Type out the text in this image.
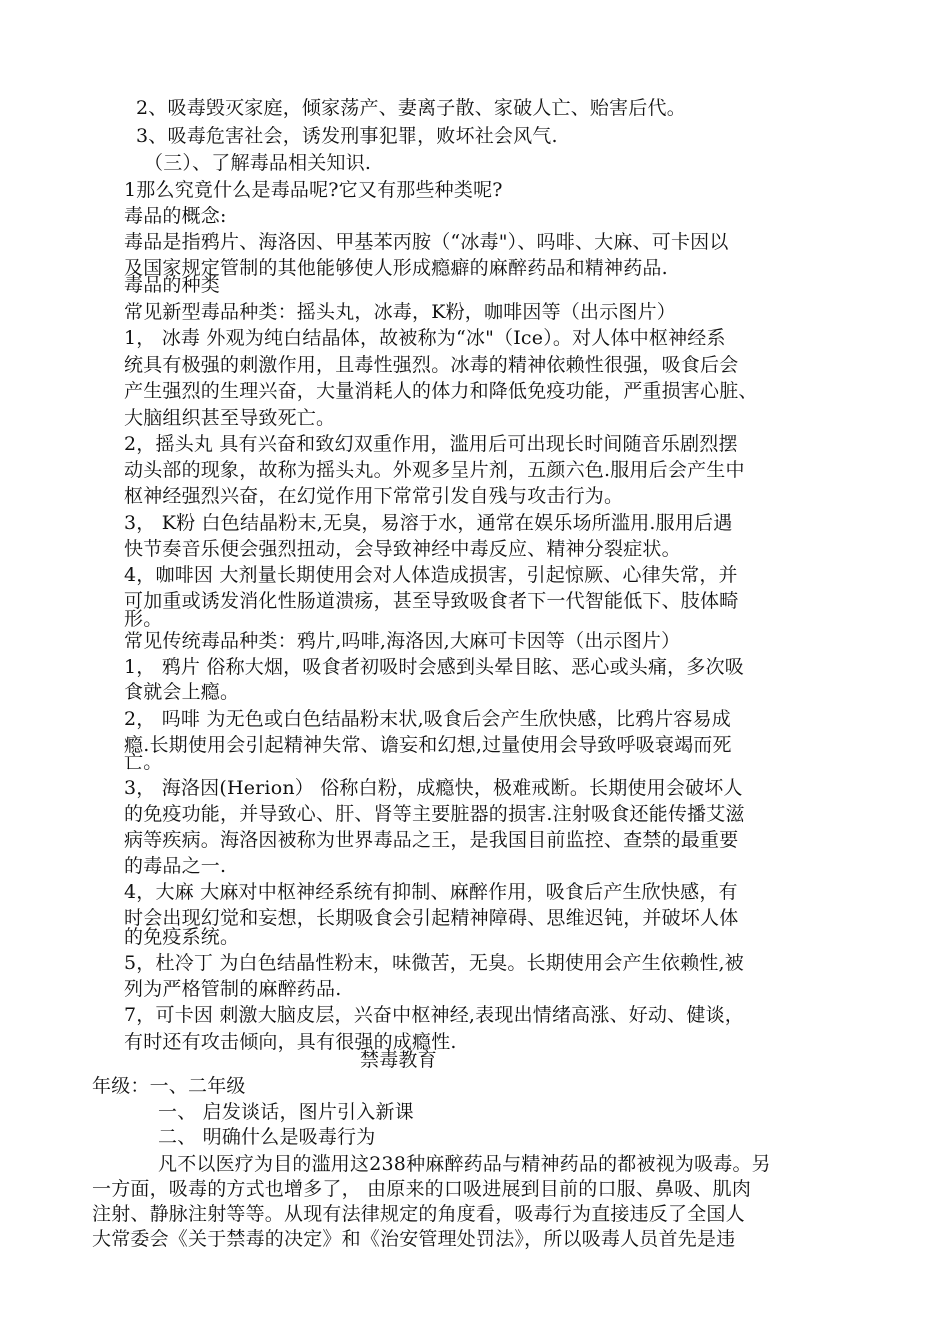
2、吸毒毁灭家庭，倾家荡产、妻离子散、家破人亡、贻害后代。
3、吸毒危害社会，诱发刑事犯罪，败坏社会风气.
（三）、了解毒品相关知识.
1那么究竟什么是毒品呢?它又有那些种类呢?
毒品的概念:
毒品是指鸦片、海洛因、甲基苯丙胺（“冰毒"）、吗啡、大麻、可卡因以
及国家规定管制的其他能够使人形成瘾癖的麻醉药品和精神药品.
毒品的种类
常见新型毒品种类：摇头丸，冰毒，K粉，咖啡因等（出示图片）
1， 冰毒 外观为纯白结晶体，故被称为“冰"（Ice）。对人体中枢神经系
统具有极强的刺激作用，且毒性强烈。冰毒的精神依赖性很强，吸食后会
产生强烈的生理兴奋，大量消耗人的体力和降低免疫功能，严重损害心脏、
大脑组织甚至导致死亡。
2，摇头丸 具有兴奋和致幻双重作用，滥用后可出现长时间随音乐剧烈摆
动头部的现象，故称为摇头丸。外观多呈片剂，五颜六色.服用后会产生中
枢神经强烈兴奋，在幻觉作用下常常引发自残与攻击行为。
3， K粉 白色结晶粉末,无臭，易溶于水，通常在娱乐场所滥用.服用后遇
快节奏音乐便会强烈扭动，会导致神经中毒反应、精神分裂症状。
4，咖啡因 大剂量长期使用会对人体造成损害，引起惊厥、心律失常，并
可加重或诱发消化性肠道溃疡，甚至导致吸食者下一代智能低下、肢体畸
形。
常见传统毒品种类：鸦片,吗啡,海洛因,大麻可卡因等（出示图片）
1， 鸦片 俗称大烟，吸食者初吸时会感到头晕目眩、恶心或头痛，多次吸
食就会上瘾。
2， 吗啡 为无色或白色结晶粉末状,吸食后会产生欣快感，比鸦片容易成
瘾.长期使用会引起精神失常、谵妄和幻想,过量使用会导致呼吸衰竭而死
亡。
3， 海洛因(Herion） 俗称白粉，成瘾快，极难戒断。长期使用会破坏人
的免疫功能，并导致心、肝、肾等主要脏器的损害.注射吸食还能传播艾滋
病等疾病。海洛因被称为世界毒品之王，是我国目前监控、查禁的最重要
的毒品之一.
4，大麻 大麻对中枢神经系统有抑制、麻醉作用，吸食后产生欣快感，有
时会出现幻觉和妄想，长期吸食会引起精神障碍、思维迟钝，并破坏人体
的免疫系统。
5，杜冷丁 为白色结晶性粉末，味微苦，无臭。长期使用会产生依赖性,被
列为严格管制的麻醉药品.
7，可卡因 刺激大脑皮层，兴奋中枢神经,表现出情绪高涨、好动、健谈，
有时还有攻击倾向，具有很强的成瘾性.
禁毒教育
年级：一、二年级
一、 启发谈话，图片引入新课
二、 明确什么是吸毒行为
凡不以医疗为目的滥用这238种麻醉药品与精神药品的都被视为吸毒。另
一方面，吸毒的方式也增多了， 由原来的口吸进展到目前的口服、鼻吸、肌肉
注射、静脉注射等等。从现有法律规定的角度看，吸毒行为直接违反了全国人
大常委会《关于禁毒的决定》和《治安管理处罚法》，所以吸毒人员首先是违
